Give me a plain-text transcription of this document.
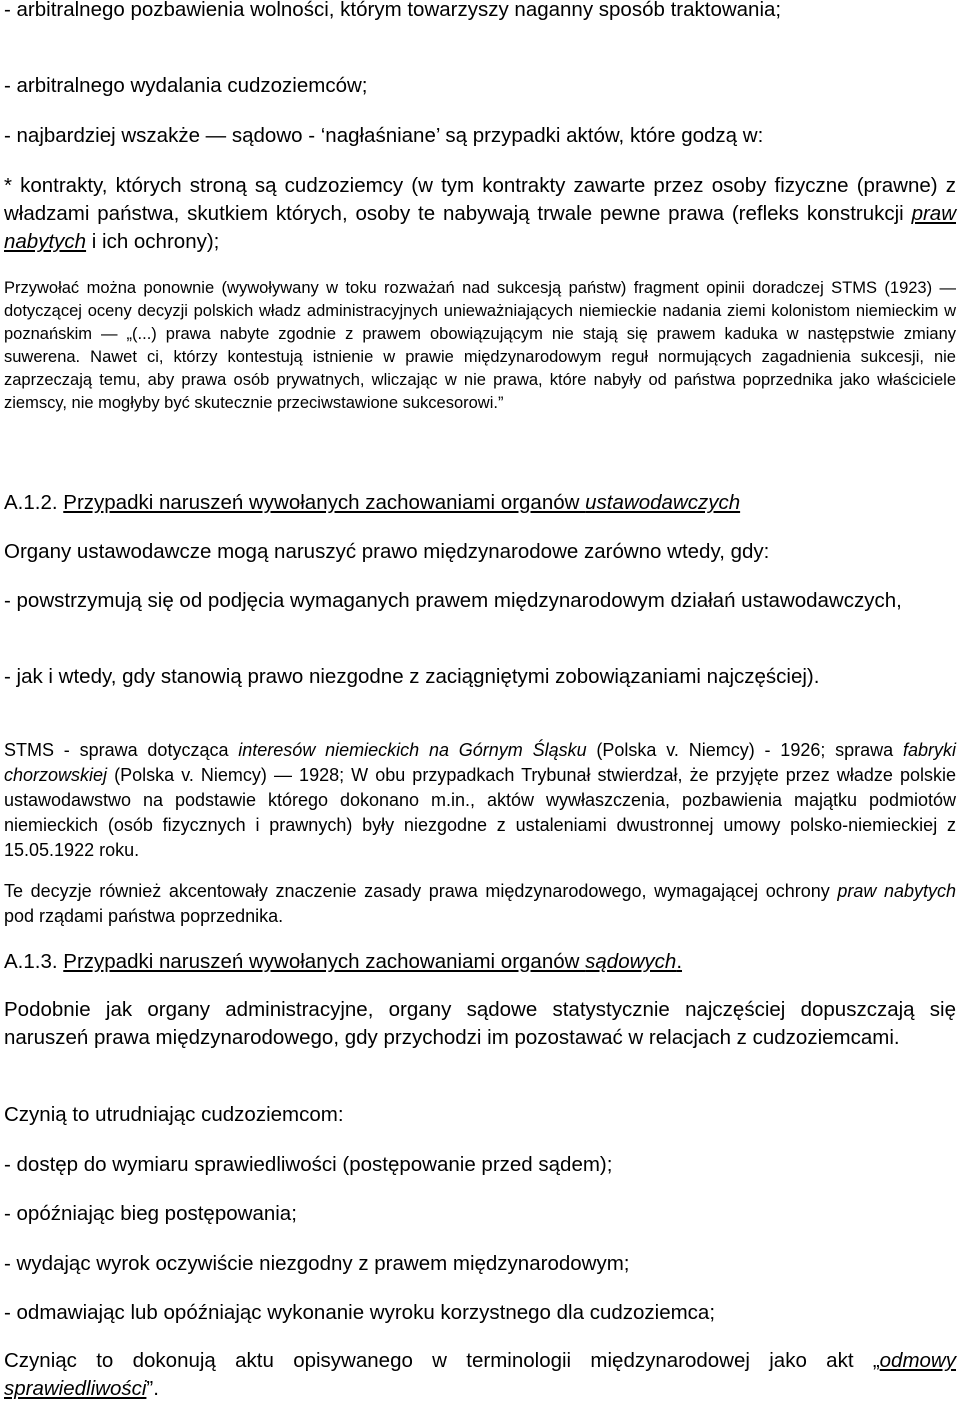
- arbitralnego pozbawienia wolności, którym towarzyszy naganny sposób traktowania;

- arbitralnego wydalania cudzoziemców;

- najbardziej wszakże — sądowo - ‘nagłaśniane’ są przypadki aktów, które godzą w:

* kontrakty, których stroną są cudzoziemcy (w tym kontrakty zawarte przez osoby fizyczne (prawne) z władzami państwa, skutkiem których, osoby te nabywają trwale pewne prawa (refleks konstrukcji praw nabytych i ich ochrony);

Przywołać można ponownie (wywoływany w toku rozważań nad sukcesją państw) fragment opinii doradczej STMS (1923) — dotyczącej oceny decyzji polskich władz administracyjnych unieważniających niemieckie nadania ziemi kolonistom niemieckim w poznańskim — „(...) prawa nabyte zgodnie z prawem obowiązującym nie stają się prawem kaduka w następstwie zmiany suwerena. Nawet ci, którzy kontestują istnienie w prawie międzynarodowym reguł normujących zagadnienia sukcesji, nie zaprzeczają temu, aby prawa osób prywatnych, wliczając w nie prawa, które nabyły od państwa poprzednika jako właściciele ziemscy, nie mogłyby być skutecznie przeciwstawione sukcesorowi.”

A.1.2. Przypadki naruszeń wywołanych zachowaniami organów ustawodawczych

Organy ustawodawcze mogą naruszyć prawo międzynarodowe zarówno wtedy, gdy:

- powstrzymują się od podjęcia wymaganych prawem międzynarodowym działań ustawodawczych,

- jak i wtedy, gdy stanowią prawo niezgodne z zaciągniętymi zobowiązaniami najczęściej).

STMS - sprawa dotycząca interesów niemieckich na Górnym Śląsku (Polska v. Niemcy) - 1926; sprawa fabryki chorzowskiej (Polska v. Niemcy) — 1928; W obu przypadkach Trybunał stwierdzał, że przyjęte przez władze polskie ustawodawstwo na podstawie którego dokonano m.in., aktów wywłaszczenia, pozbawienia majątku podmiotów niemieckich (osób fizycznych i prawnych) były niezgodne z ustaleniami dwustronnej umowy polsko-niemieckiej z 15.05.1922 roku.

Te decyzje również akcentowały znaczenie zasady prawa międzynarodowego, wymagającej ochrony praw nabytych pod rządami państwa poprzednika.

A.1.3. Przypadki naruszeń wywołanych zachowaniami organów sądowych.

Podobnie jak organy administracyjne, organy sądowe statystycznie najczęściej dopuszczają się naruszeń prawa międzynarodowego, gdy przychodzi im pozostawać w relacjach z cudzoziemcami.

Czynią to utrudniając cudzoziemcom:

- dostęp do wymiaru sprawiedliwości (postępowanie przed sądem);

- opóźniając bieg postępowania;

- wydając wyrok oczywiście niezgodny z prawem międzynarodowym;

- odmawiając lub opóźniając wykonanie wyroku korzystnego dla cudzoziemca;

Czyniąc to dokonują aktu opisywanego w terminologii międzynarodowej jako akt „odmowy sprawiedliwości”.
